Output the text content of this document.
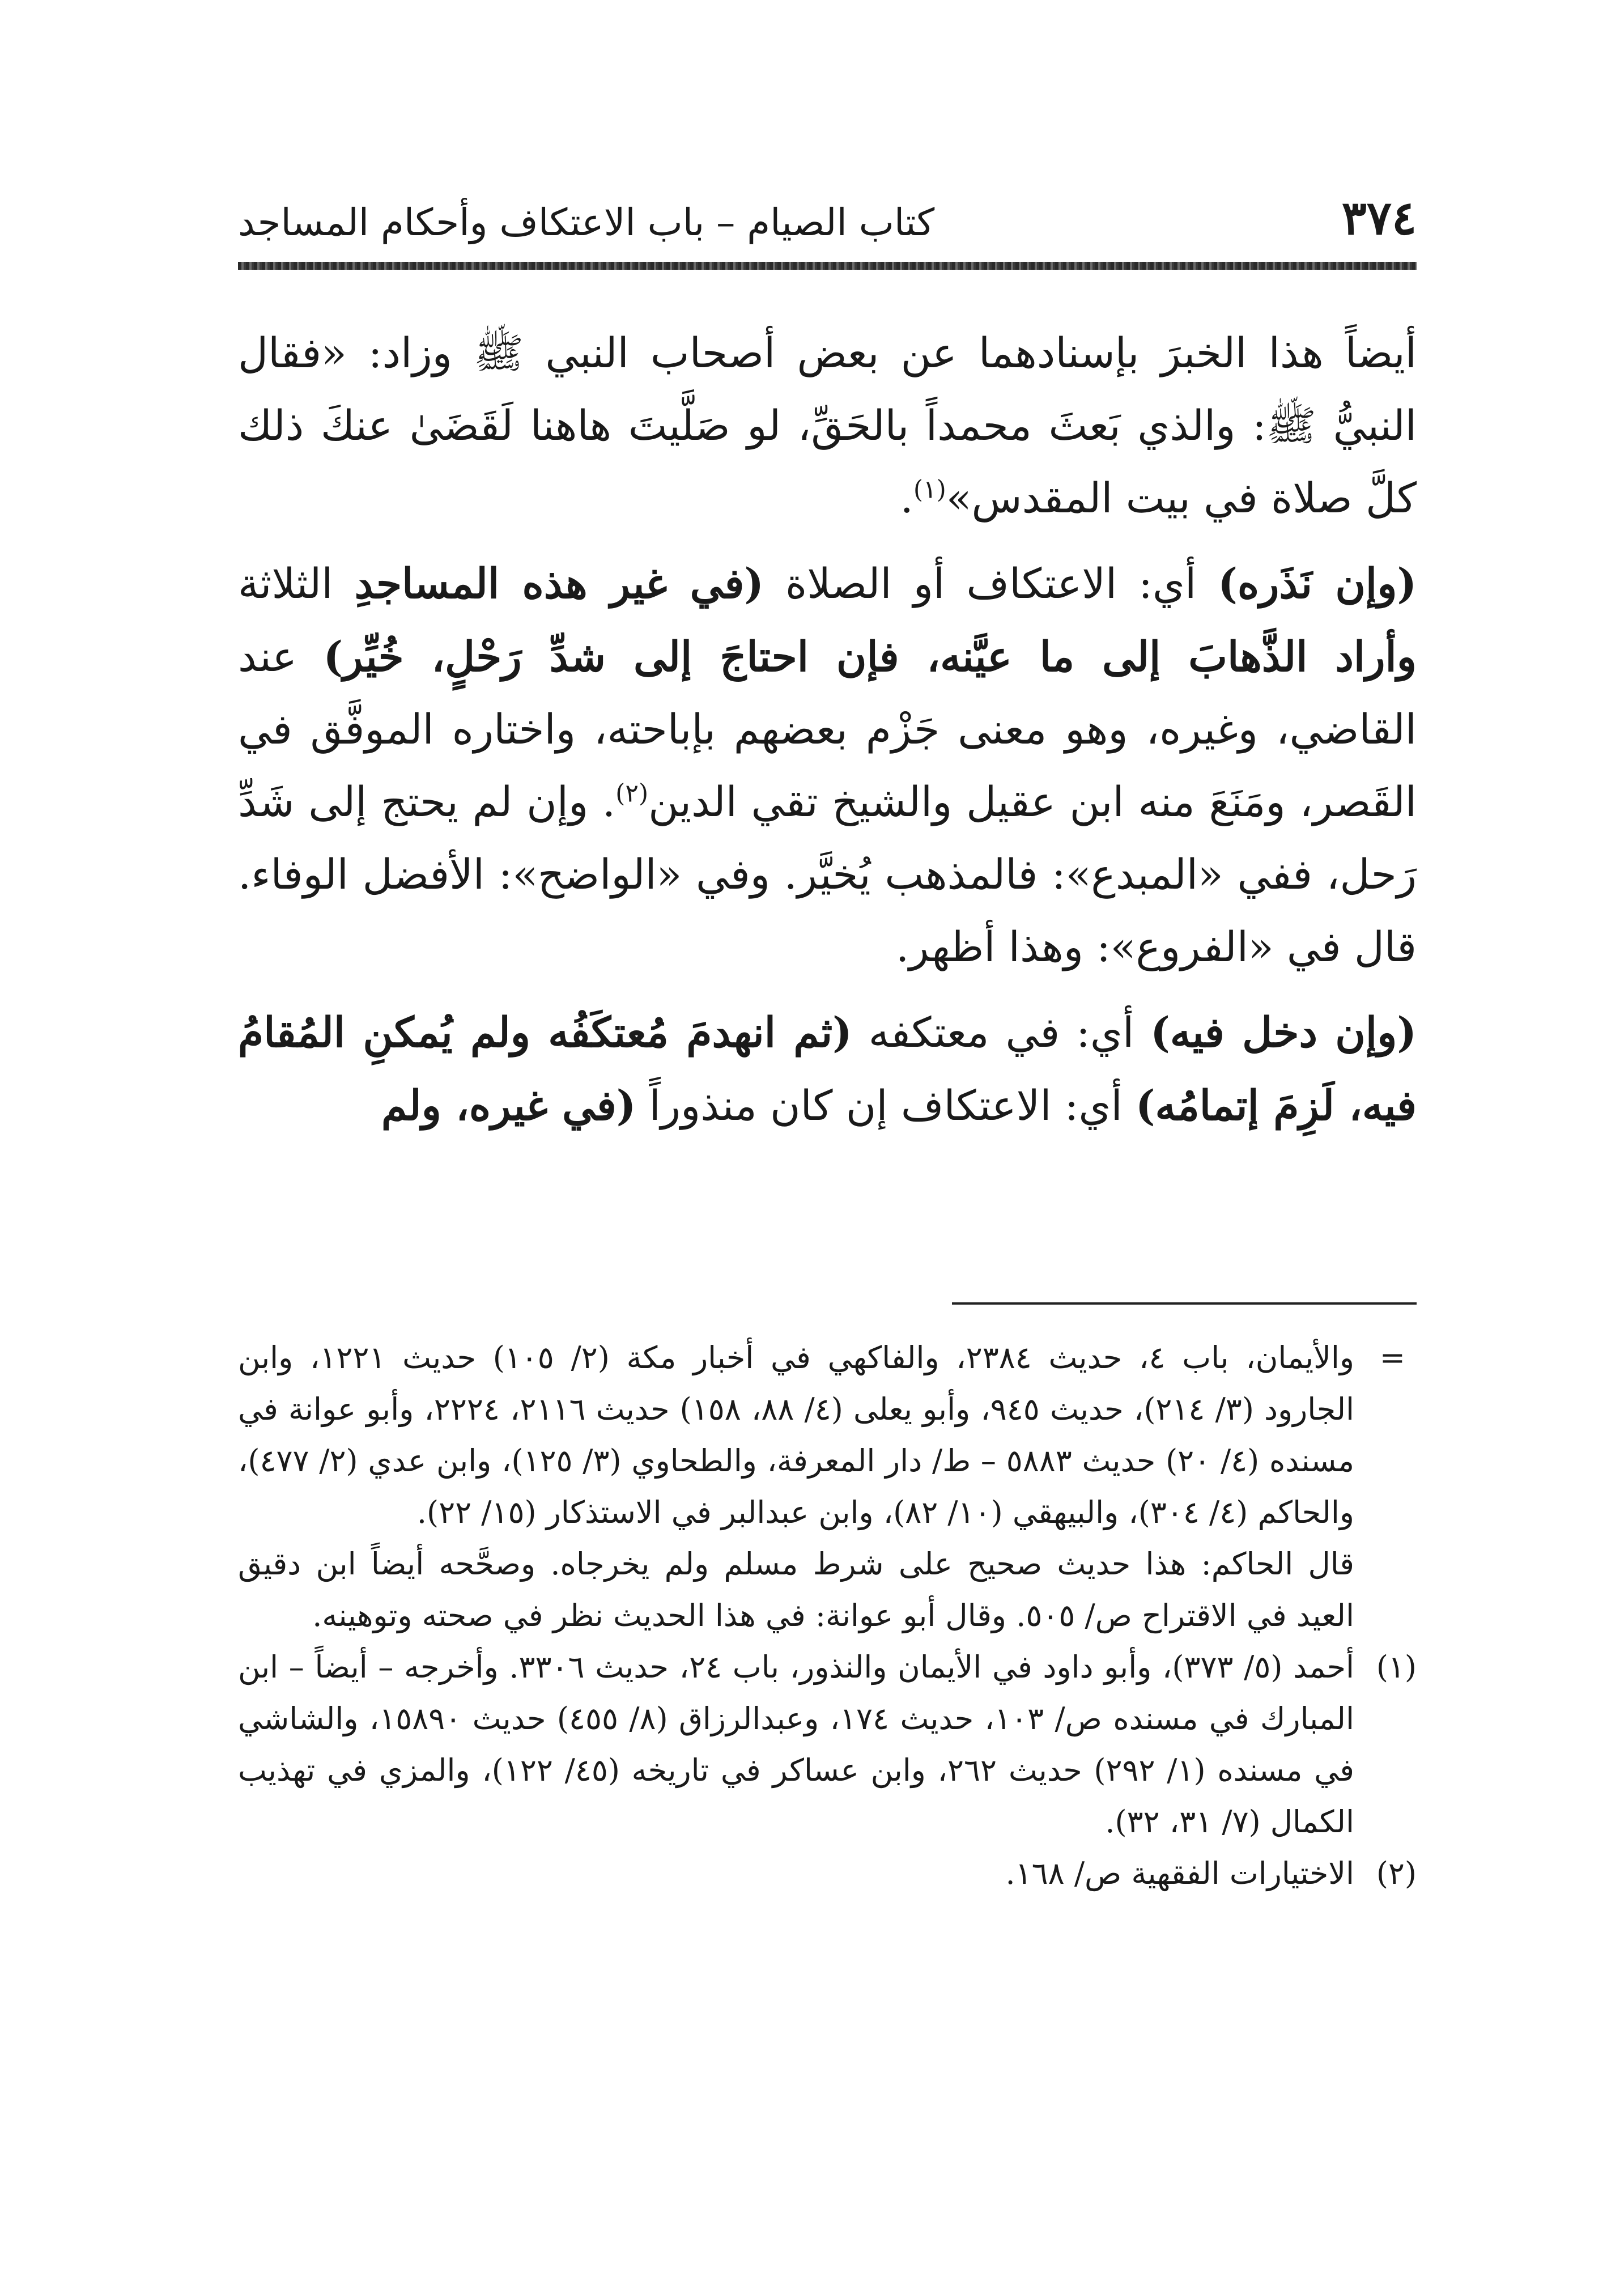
٣٧٤
كتاب الصيام – باب الاعتكاف وأحكام المساجد

أيضاً هذا الخبرَ بإسنادهما عن بعض أصحاب النبي ﷺ وزاد: «فقال النبيُّ ﷺ: والذي بَعثَ محمداً بالحَقِّ، لو صَلَّيتَ هاهنا لَقَضَىٰ عنكَ ذلك كلَّ صلاة في بيت المقدس»$^{(١)}$.

(وإن نَذَره) أي: الاعتكاف أو الصلاة (في غير هذه المساجدِ الثلاثة وأراد الذَّهابَ إلى ما عيَّنه، فإن احتاجَ إلى شدِّ رَحْلٍ، خُيِّر) عند القاضي، وغيره، وهو معنى جَزْم بعضهم بإباحته، واختاره الموفَّق في القَصر، ومَنَعَ منه ابن عقيل والشيخ تقي الدين$^{(٢)}$. وإن لم يحتج إلى شَدِّ رَحل، ففي «المبدع»: فالمذهب يُخيَّر. وفي «الواضح»: الأفضل الوفاء. قال في «الفروع»: وهذا أظهر.

(وإن دخل فيه) أي: في معتكفه (ثم انهدمَ مُعتكَفُه ولم يُمكنِ المُقامُ فيه، لَزِمَ إتمامُه) أي: الاعتكاف إن كان منذوراً (في غيره، ولم

=
والأيمان، باب ٤، حديث ٢٣٨٤، والفاكهي في أخبار مكة (٢/ ١٠٥) حديث ١٢٢١، وابن الجارود (٣/ ٢١٤)، حديث ٩٤٥، وأبو يعلى (٤/ ٨٨، ١٥٨) حديث ٢١١٦، ٢٢٢٤، وأبو عوانة في مسنده (٤/ ٢٠) حديث ٥٨٨٣ – ط/ دار المعرفة، والطحاوي (٣/ ١٢٥)، وابن عدي (٢/ ٤٧٧)، والحاكم (٤/ ٣٠٤)، والبيهقي (١٠/ ٨٢)، وابن عبدالبر في الاستذكار (١٥/ ٢٢).

قال الحاكم: هذا حديث صحيح على شرط مسلم ولم يخرجاه. وصحَّحه أيضاً ابن دقيق العيد في الاقتراح ص/ ٥٠٥. وقال أبو عوانة: في هذا الحديث نظر في صحته وتوهينه.

(١)
أحمد (٥/ ٣٧٣)، وأبو داود في الأيمان والنذور، باب ٢٤، حديث ٣٣٠٦. وأخرجه – أيضاً – ابن المبارك في مسنده ص/ ١٠٣، حديث ١٧٤، وعبدالرزاق (٨/ ٤٥٥) حديث ١٥٨٩٠، والشاشي في مسنده (١/ ٢٩٢) حديث ٢٦٢، وابن عساكر في تاريخه (٤٥/ ١٢٢)، والمزي في تهذيب الكمال (٧/ ٣١، ٣٢).

(٢)
الاختيارات الفقهية ص/ ١٦٨.
